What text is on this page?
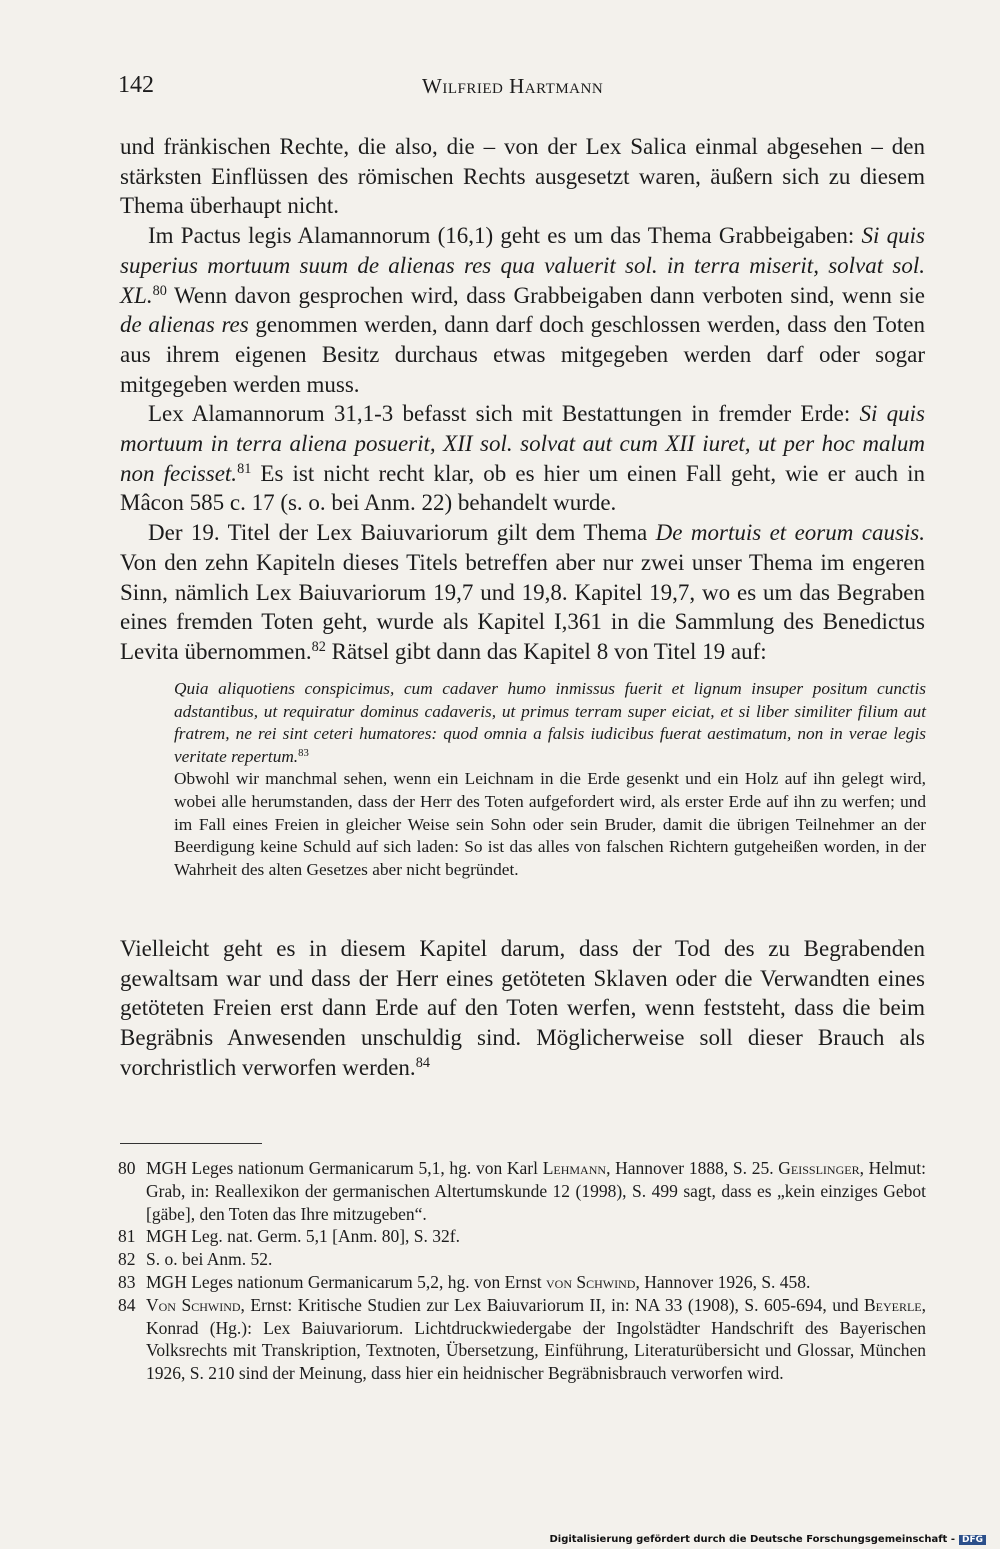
142	Wilfried Hartmann

und fränkischen Rechte, die also, die – von der Lex Salica einmal abgesehen – den stärksten Einflüssen des römischen Rechts ausgesetzt waren, äußern sich zu diesem Thema überhaupt nicht.

Im Pactus legis Alamannorum (16,1) geht es um das Thema Grabbeigaben: Si quis superius mortuum suum de alienas res qua valuerit sol. in terra miserit, solvat sol. XL.$^{80}$ Wenn davon gesprochen wird, dass Grabbeigaben dann verboten sind, wenn sie de alienas res genommen werden, dann darf doch geschlossen werden, dass den Toten aus ihrem eigenen Besitz durchaus etwas mitgegeben werden darf oder sogar mitgegeben werden muss.

Lex Alamannorum 31,1-3 befasst sich mit Bestattungen in fremder Erde: Si quis mortuum in terra aliena posuerit, XII sol. solvat aut cum XII iuret, ut per hoc malum non fecisset.$^{81}$ Es ist nicht recht klar, ob es hier um einen Fall geht, wie er auch in Mâcon 585 c. 17 (s. o. bei Anm. 22) behandelt wurde.

Der 19. Titel der Lex Baiuvariorum gilt dem Thema De mortuis et eorum causis. Von den zehn Kapiteln dieses Titels betreffen aber nur zwei unser Thema im engeren Sinn, nämlich Lex Baiuvariorum 19,7 und 19,8. Kapitel 19,7, wo es um das Begraben eines fremden Toten geht, wurde als Kapitel I,361 in die Sammlung des Benedictus Levita übernommen.$^{82}$ Rätsel gibt dann das Kapitel 8 von Titel 19 auf:

Quia aliquotiens conspicimus, cum cadaver humo inmissus fuerit et lignum insuper positum cunctis adstantibus, ut requiratur dominus cadaveris, ut primus terram super eiciat, et si liber similiter filium aut fratrem, ne rei sint ceteri humatores: quod omnia a falsis iudicibus fuerat aestimatum, non in verae legis veritate repertum.$^{83}$

Obwohl wir manchmal sehen, wenn ein Leichnam in die Erde gesenkt und ein Holz auf ihn gelegt wird, wobei alle herumstanden, dass der Herr des Toten aufgefordert wird, als erster Erde auf ihn zu werfen; und im Fall eines Freien in gleicher Weise sein Sohn oder sein Bruder, damit die übrigen Teilnehmer an der Beerdigung keine Schuld auf sich laden: So ist das alles von falschen Richtern gutgeheißen worden, in der Wahrheit des alten Gesetzes aber nicht begründet.

Vielleicht geht es in diesem Kapitel darum, dass der Tod des zu Begrabenden gewaltsam war und dass der Herr eines getöteten Sklaven oder die Verwandten eines getöteten Freien erst dann Erde auf den Toten werfen, wenn feststeht, dass die beim Begräbnis Anwesenden unschuldig sind. Möglicherweise soll dieser Brauch als vorchristlich verworfen werden.$^{84}$

80 MGH Leges nationum Germanicarum 5,1, hg. von Karl Lehmann, Hannover 1888, S. 25. Geißlinger, Helmut: Grab, in: Reallexikon der germanischen Altertumskunde 12 (1998), S. 499 sagt, dass es „kein einziges Gebot [gäbe], den Toten das Ihre mitzugeben“.
81 MGH Leg. nat. Germ. 5,1 [Anm. 80], S. 32f.
82 S. o. bei Anm. 52.
83 MGH Leges nationum Germanicarum 5,2, hg. von Ernst von Schwind, Hannover 1926, S. 458.
84 Von Schwind, Ernst: Kritische Studien zur Lex Baiuvariorum II, in: NA 33 (1908), S. 605-694, und Beyerle, Konrad (Hg.): Lex Baiuvariorum. Lichtdruckwiedergabe der Ingolstädter Handschrift des Bayerischen Volksrechts mit Transkription, Textnoten, Übersetzung, Einführung, Literaturübersicht und Glossar, München 1926, S. 210 sind der Meinung, dass hier ein heidnischer Begräbnisbrauch verworfen wird.
Digitalisierung gefördert durch die Deutsche Forschungsgemeinschaft - DFG
